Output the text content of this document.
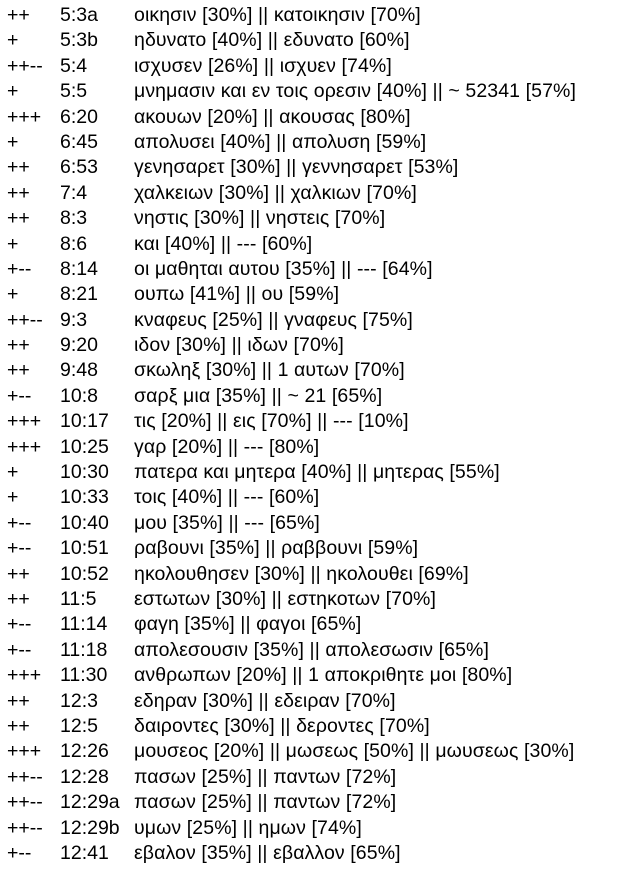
++ 5:3a οικησιν [30%] || κατοικησιν [70%]
+ 5:3b ηδυνατο [40%] || εδυνατο [60%]
++-- 5:4 ισχυσεν [26%] || ισχυεν [74%]
+ 5:5 μνημασιν και εν τοις ορεσιν [40%] || ~ 52341 [57%]
+++ 6:20 ακουων [20%] || ακουσας [80%]
+ 6:45 απολυσει [40%] || απολυση [59%]
++ 6:53 γενησαρετ [30%] || γεννησαρετ [53%]
++ 7:4 χαλκειων [30%] || χαλκιων [70%]
++ 8:3 νηστις [30%] || νηστεις [70%]
+ 8:6 και [40%] || --- [60%]
+-- 8:14 οι μαθηται αυτου [35%] || --- [64%]
+ 8:21 ουπω [41%] || ου [59%]
++-- 9:3 κναφευς [25%] || γναφευς [75%]
++ 9:20 ιδον [30%] || ιδων [70%]
++ 9:48 σκωληξ [30%] || 1 αυτων [70%]
+-- 10:8 σαρξ μια [35%] || ~ 21 [65%]
+++ 10:17 τις [20%] || εις [70%] || --- [10%]
+++ 10:25 γαρ [20%] || --- [80%]
+ 10:30 πατερα και μητερα [40%] || μητερας [55%]
+ 10:33 τοις [40%] || --- [60%]
+-- 10:40 μου [35%] || --- [65%]
+-- 10:51 ραβουνι [35%] || ραββουνι [59%]
++ 10:52 ηκολουθησεν [30%] || ηκολουθει [69%]
++ 11:5 εστωτων [30%] || εστηκοτων [70%]
+-- 11:14 φαγη [35%] || φαγοι [65%]
+-- 11:18 απολεσουσιν [35%] || απολεσωσιν [65%]
+++ 11:30 ανθρωπων [20%] || 1 αποκριθητε μοι [80%]
++ 12:3 εδηραν [30%] || εδειραν [70%]
++ 12:5 δαιροντες [30%] || δεροντες [70%]
+++ 12:26 μουσεος [20%] || μωσεως [50%] || μωυσεως [30%]
++-- 12:28 πασων [25%] || παντων [72%]
++-- 12:29a πασων [25%] || παντων [72%]
++-- 12:29b υμων [25%] || ημων [74%]
+-- 12:41 εβαλον [35%] || εβαλλον [65%]
